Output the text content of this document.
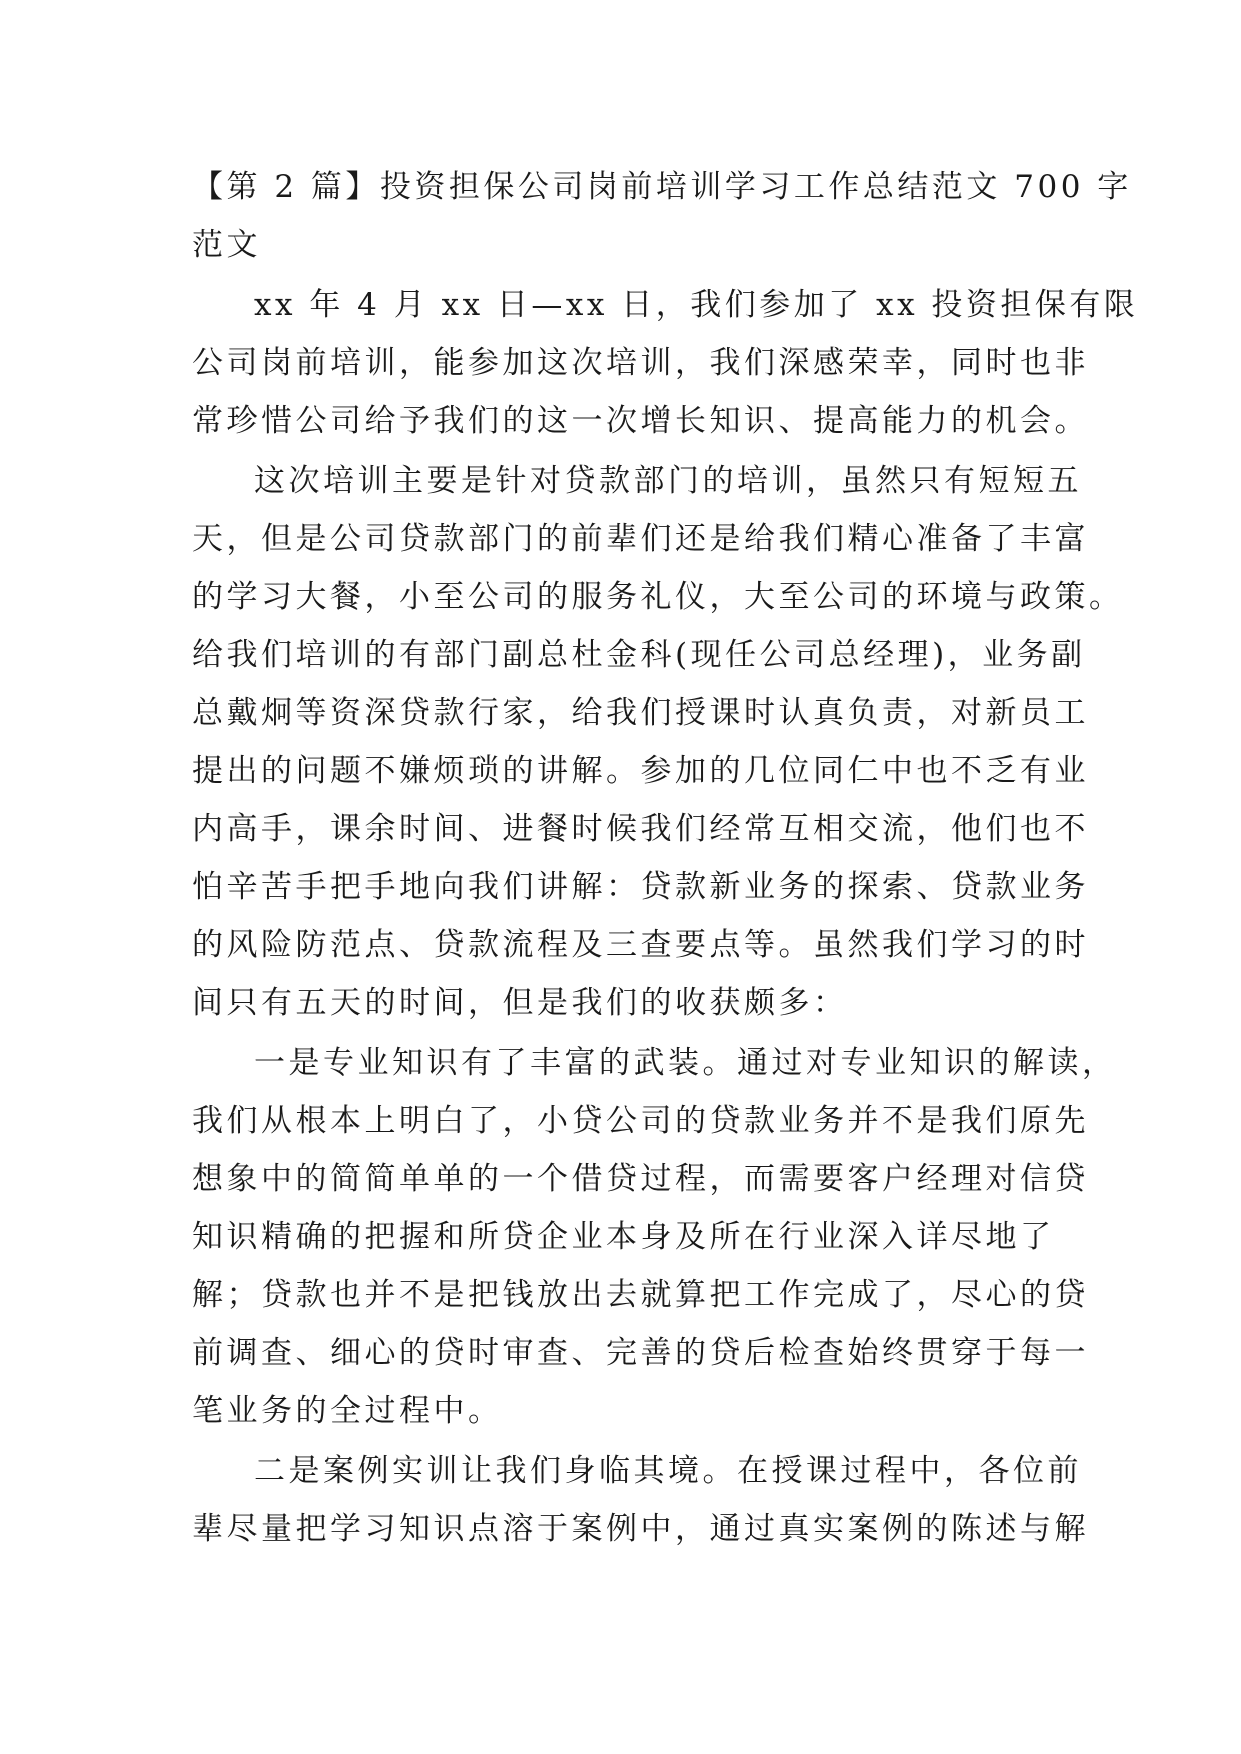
【第 2 篇】投资担保公司岗前培训学习工作总结范文 700 字
范文
xx 年 4 月 xx 日—xx 日，我们参加了 xx 投资担保有限
公司岗前培训，能参加这次培训，我们深感荣幸，同时也非
常珍惜公司给予我们的这一次增长知识、提高能力的机会。
这次培训主要是针对贷款部门的培训，虽然只有短短五
天，但是公司贷款部门的前辈们还是给我们精心准备了丰富
的学习大餐，小至公司的服务礼仪，大至公司的环境与政策。
给我们培训的有部门副总杜金科(现任公司总经理)，业务副
总戴炯等资深贷款行家，给我们授课时认真负责，对新员工
提出的问题不嫌烦琐的讲解。参加的几位同仁中也不乏有业
内高手，课余时间、进餐时候我们经常互相交流，他们也不
怕辛苦手把手地向我们讲解：贷款新业务的探索、贷款业务
的风险防范点、贷款流程及三查要点等。虽然我们学习的时
间只有五天的时间，但是我们的收获颇多：
一是专业知识有了丰富的武装。通过对专业知识的解读，
我们从根本上明白了，小贷公司的贷款业务并不是我们原先
想象中的简简单单的一个借贷过程，而需要客户经理对信贷
知识精确的把握和所贷企业本身及所在行业深入详尽地了
解；贷款也并不是把钱放出去就算把工作完成了，尽心的贷
前调查、细心的贷时审查、完善的贷后检查始终贯穿于每一
笔业务的全过程中。
二是案例实训让我们身临其境。在授课过程中，各位前
辈尽量把学习知识点溶于案例中，通过真实案例的陈述与解
